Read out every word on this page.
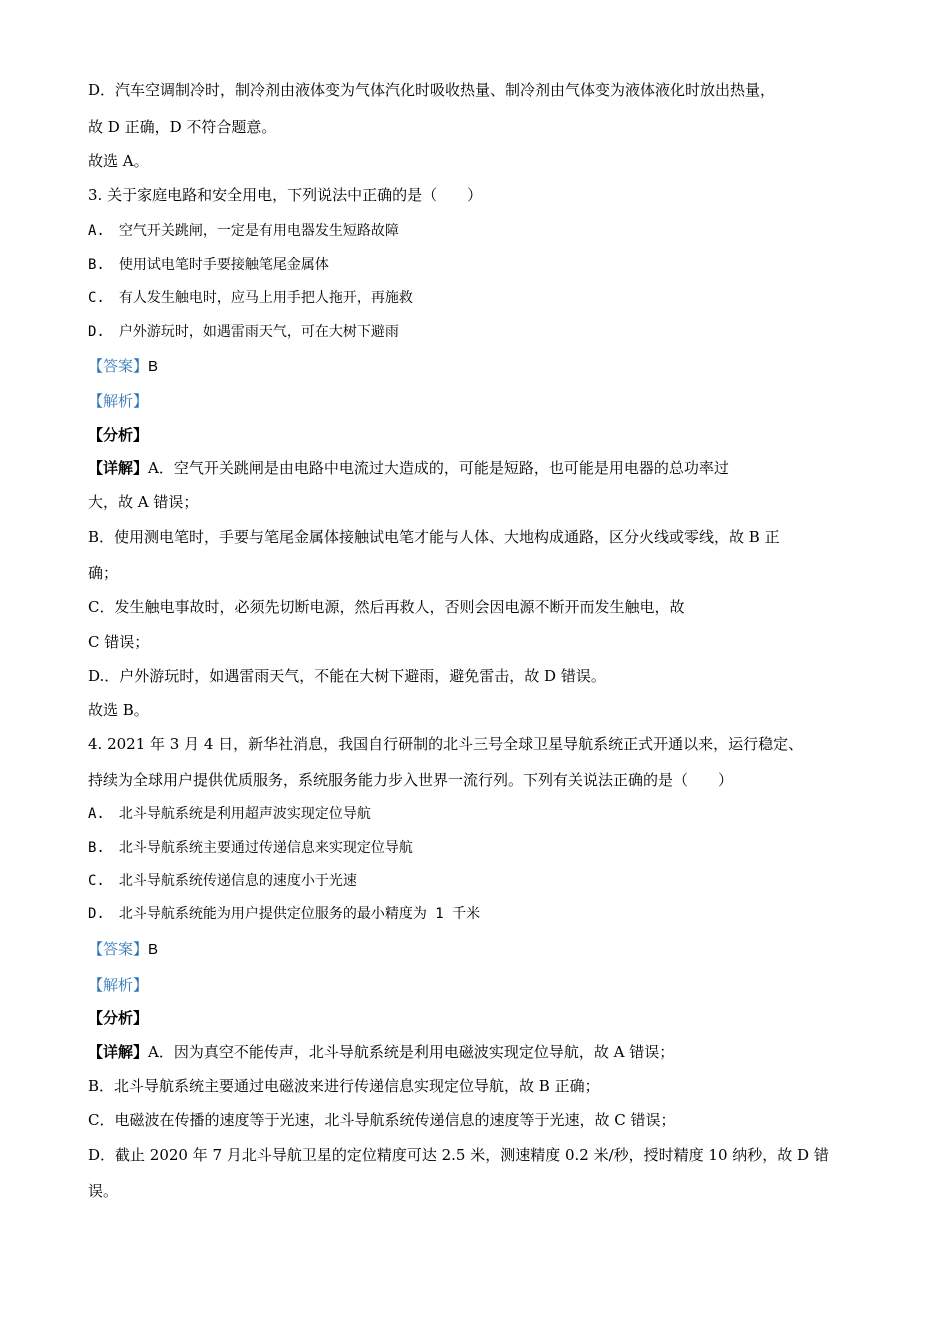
D．汽车空调制冷时，制冷剂由液体变为气体汽化时吸收热量、制冷剂由气体变为液体液化时放出热量，
故 D 正确，D 不符合题意。
故选 A。
3. 关于家庭电路和安全用电，下列说法中正确的是（　　）
A.　空气开关跳闸，一定是有用电器发生短路故障
B.　使用试电笔时手要接触笔尾金属体
C.　有人发生触电时，应马上用手把人拖开，再施救
D.　户外游玩时，如遇雷雨天气，可在大树下避雨
【答案】B
【解析】
【分析】
【详解】A．空气开关跳闸是由电路中电流过大造成的，可能是短路，也可能是用电器的总功率过
大，故 A 错误；
B．使用测电笔时，手要与笔尾金属体接触试电笔才能与人体、大地构成通路，区分火线或零线，故 B 正
确；
C．发生触电事故时，必须先切断电源，然后再救人，否则会因电源不断开而发生触电，故
C 错误；
D.．户外游玩时，如遇雷雨天气，不能在大树下避雨，避免雷击，故 D 错误。
故选 B。
4. 2021 年 3 月 4 日，新华社消息，我国自行研制的北斗三号全球卫星导航系统正式开通以来，运行稳定、
持续为全球用户提供优质服务，系统服务能力步入世界一流行列。下列有关说法正确的是（　　）
A.　北斗导航系统是利用超声波实现定位导航
B.　北斗导航系统主要通过传递信息来实现定位导航
C.　北斗导航系统传递信息的速度小于光速
D.　北斗导航系统能为用户提供定位服务的最小精度为 1 千米
【答案】B
【解析】
【分析】
【详解】A．因为真空不能传声，北斗导航系统是利用电磁波实现定位导航，故 A 错误；
B．北斗导航系统主要通过电磁波来进行传递信息实现定位导航，故 B 正确；
C．电磁波在传播的速度等于光速，北斗导航系统传递信息的速度等于光速，故 C 错误；
D．截止 2020 年 7 月北斗导航卫星的定位精度可达 2.5 米，测速精度 0.2 米/秒，授时精度 10 纳秒，故 D 错
误。
